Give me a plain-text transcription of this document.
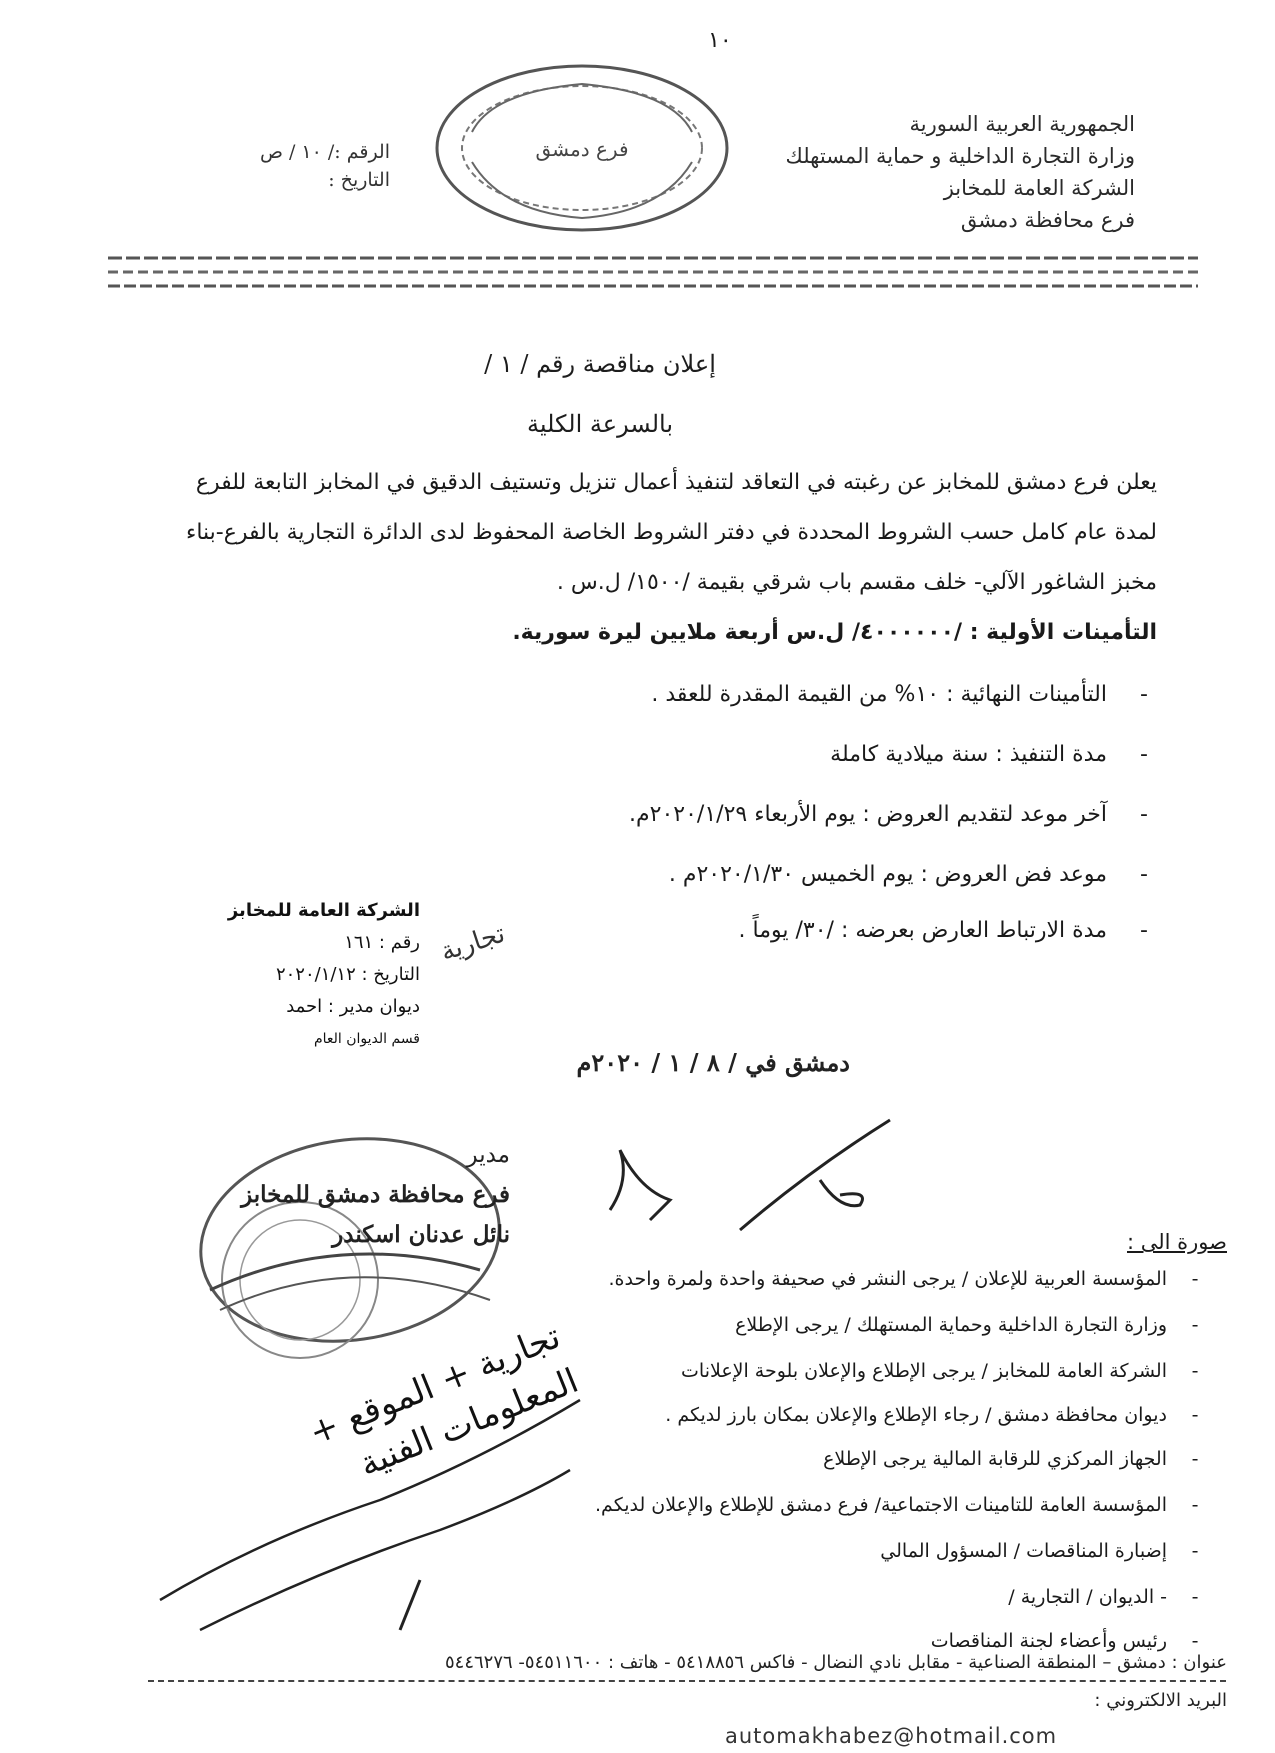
١٠
الجمهورية العربية السورية
وزارة التجارة الداخلية و حماية المستهلك
الشركة العامة للمخابز
فرع محافظة دمشق
فرع دمشق
الرقم :/ ١٠ / ص
التاريخ :
إعلان مناقصة رقم / ١ /
بالسرعة الكلية
يعلن فرع دمشق للمخابز عن رغبته في التعاقد لتنفيذ أعمال تنزيل وتستيف الدقيق في المخابز التابعة للفرع
لمدة عام كامل حسب الشروط المحددة في دفتر الشروط الخاصة المحفوظ لدى الدائرة التجارية بالفرع-بناء
مخبز الشاغور الآلي- خلف مقسم باب شرقي بقيمة /١٥٠٠/ ل.س .
التأمينات الأولية : /٤٠٠٠٠٠٠/ ل.س أربعة ملايين ليرة سورية.
-التأمينات النهائية : ١٠% من القيمة المقدرة للعقد .
-مدة التنفيذ : سنة ميلادية كاملة
-آخر موعد لتقديم العروض : يوم الأربعاء ٢٠٢٠/١/٢٩م.
-موعد فض العروض : يوم الخميس ٢٠٢٠/١/٣٠م .
-مدة الارتباط العارض بعرضه : /٣٠/ يوماً .
الشركة العامة للمخابز
رقم : ١٦١
التاريخ : ٢٠٢٠/١/١٢
ديوان مدير : احمد
قسم الديوان العام
تجارية
دمشق في / ٨ / ١ / ٢٠٢٠م
مدير
فرع محافظة دمشق للمخابز
نائل عدنان اسكندر	صورة الى :
-المؤسسة العربية للإعلان / يرجى النشر في صحيفة واحدة ولمرة واحدة.
-وزارة التجارة الداخلية وحماية المستهلك / يرجى الإطلاع
-الشركة العامة للمخابز / يرجى الإطلاع والإعلان بلوحة الإعلانات
-ديوان محافظة دمشق / رجاء الإطلاع والإعلان بمكان بارز لديكم .
-الجهاز المركزي للرقابة المالية يرجى الإطلاع
-المؤسسة العامة للتامينات الاجتماعية/ فرع دمشق للإطلاع والإعلان لديكم.
-إضبارة المناقصات / المسؤول المالي
-- الديوان / التجارية /
-رئيس وأعضاء لجنة المناقصات
تجارية + الموقع + المعلومات الفنية
عنوان : دمشق – المنطقة الصناعية - مقابل نادي النضال - فاكس ٥٤١٨٨٥٦ - هاتف : ٥٤٥١١٦٠٠- ٥٤٤٦٢٧٦
البريد الالكتروني :
automakhabez@hotmail.com
